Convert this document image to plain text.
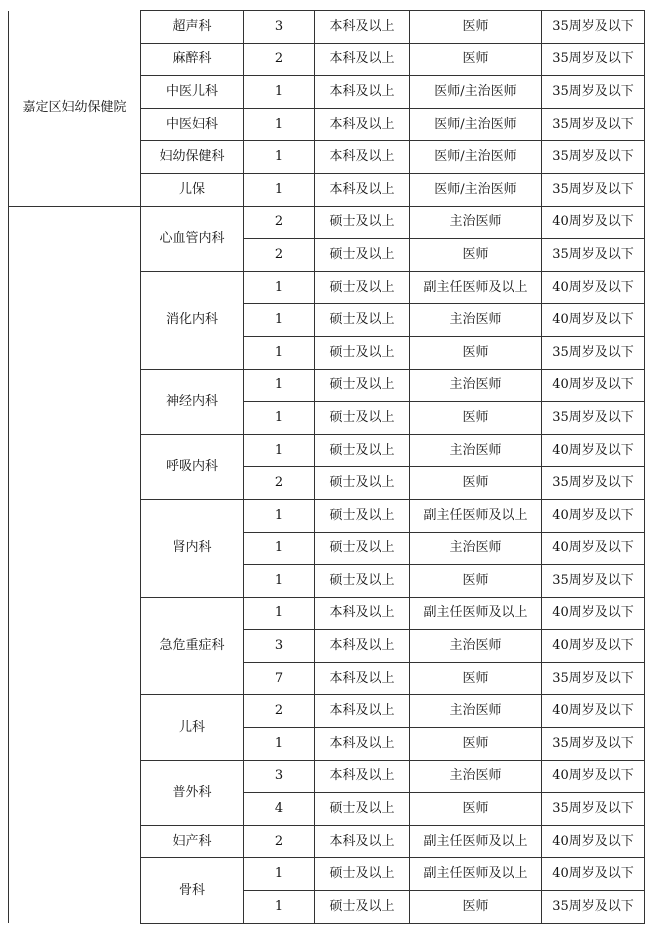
嘉定区妇幼保健院	超声科	3	本科及以上	医师	35周岁及以下
	麻醉科	2	本科及以上	医师	35周岁及以下
	中医儿科	1	本科及以上	医师/主治医师	35周岁及以下
	中医妇科	1	本科及以上	医师/主治医师	35周岁及以下
	妇幼保健科	1	本科及以上	医师/主治医师	35周岁及以下
	儿保	1	本科及以上	医师/主治医师	35周岁及以下
	心血管内科	2	硕士及以上	主治医师	40周岁及以下
		2	硕士及以上	医师	35周岁及以下
	消化内科	1	硕士及以上	副主任医师及以上	40周岁及以下
		1	硕士及以上	主治医师	40周岁及以下
		1	硕士及以上	医师	35周岁及以下
	神经内科	1	硕士及以上	主治医师	40周岁及以下
		1	硕士及以上	医师	35周岁及以下
	呼吸内科	1	硕士及以上	主治医师	40周岁及以下
		2	硕士及以上	医师	35周岁及以下
	肾内科	1	硕士及以上	副主任医师及以上	40周岁及以下
		1	硕士及以上	主治医师	40周岁及以下
		1	硕士及以上	医师	35周岁及以下
	急危重症科	1	本科及以上	副主任医师及以上	40周岁及以下
		3	本科及以上	主治医师	40周岁及以下
		7	本科及以上	医师	35周岁及以下
	儿科	2	本科及以上	主治医师	40周岁及以下
		1	本科及以上	医师	35周岁及以下
	普外科	3	本科及以上	主治医师	40周岁及以下
		4	硕士及以上	医师	35周岁及以下
	妇产科	2	本科及以上	副主任医师及以上	40周岁及以下
	骨科	1	硕士及以上	副主任医师及以上	40周岁及以下
		1	硕士及以上	医师	35周岁及以下
